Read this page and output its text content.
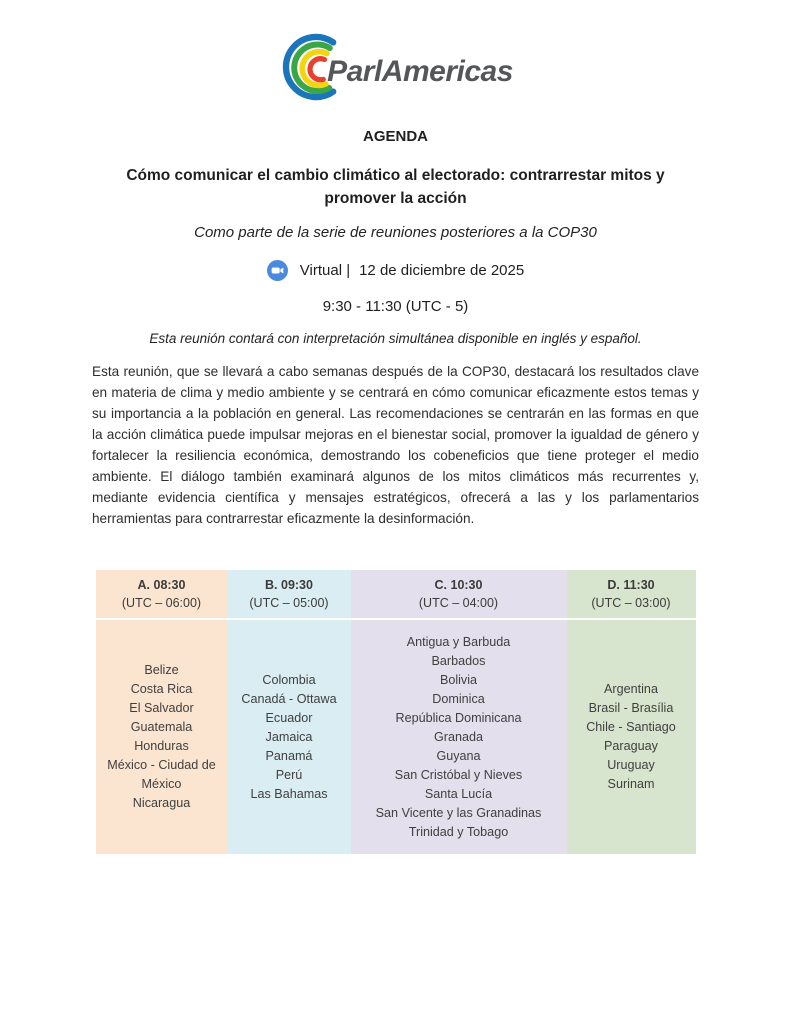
ParlAmericas
AGENDA
Cómo comunicar el cambio climático al electorado: contrarrestar mitos y
promover la acción
Como parte de la serie de reuniones posteriores a la COP30
Virtual | 12 de diciembre de 2025
9:30 - 11:30 (UTC - 5)
Esta reunión contará con interpretación simultánea disponible en inglés y español.

Esta reunión, que se llevará a cabo semanas después de la COP30, destacará los resultados clave en materia de clima y medio ambiente y se centrará en cómo comunicar eficazmente estos temas y su importancia a la población en general. Las recomendaciones se centrarán en las formas en que la acción climática puede impulsar mejoras en el bienestar social, promover la igualdad de género y fortalecer la resiliencia económica, demostrando los cobeneficios que tiene proteger el medio ambiente. El diálogo también examinará algunos de los mitos climáticos más recurrentes y, mediante evidencia científica y mensajes estratégicos, ofrecerá a las y los parlamentarios herramientas para contrarrestar eficazmente la desinformación.

A. 08:30
(UTC – 06:00)
Belize
Costa Rica
El Salvador
Guatemala
Honduras
México - Ciudad de México
Nicaragua
B. 09:30
(UTC – 05:00)
Colombia
Canadá - Ottawa
Ecuador
Jamaica
Panamá
Perú
Las Bahamas
C. 10:30
(UTC – 04:00)
Antigua y Barbuda
Barbados
Bolivia
Dominica
República Dominicana
Granada
Guyana
San Cristóbal y Nieves
Santa Lucía
San Vicente y las Granadinas
Trinidad y Tobago
D. 11:30
(UTC – 03:00)
Argentina
Brasil - Brasília
Chile - Santiago
Paraguay
Uruguay
Surinam
